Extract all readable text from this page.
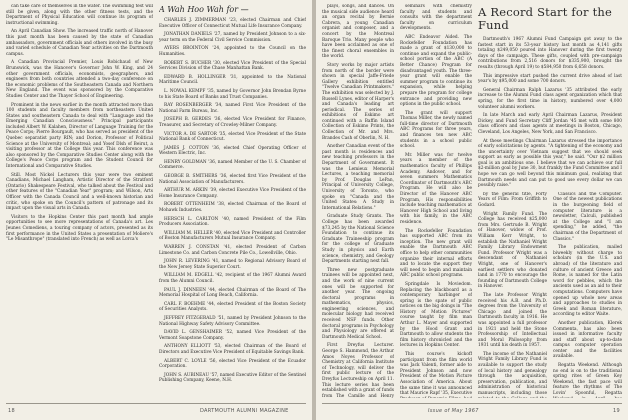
can take care of themselves in the water. The swimming test will still be given, along with the other fitness tests, and the Department of Physical Education will continue its program of instructional swimming.

An April Canadian Show. The increased traffic north of Hanover this past month has been caused by the state of Canadian ambassadors, government officials and others involved in the busy and varied schedule of Canadian Year activities on the Dartmouth campus.

A Canadian Provincial Premier, Louis Robichaud of New Brunswick, was the Hanover's Governor John W. King, and 24 other government officials, economists, geographers, and engineers from both countries attended a two-day conference on the economic problems of the Southeastern Canada and Northern New England. The event was sponsored by the Comparative Studies Center and the Thayer School of Engineering.

Prominent in the news earlier in the month attracted more than 100 students and faculty members from northeastern United States and southeastern Canada to deal with "Language and the Emerging Canadian Consciousness." Principal participants included Albert W. Kalahen, Director of Language Training for the Peace Corps; Pierre Bourgault, who has served as president of the Quebec separatist party RIN; and Dorion, Professor of Political Science at the University of Montreal; and Yosef Dlsh of Beirut, a visiting professor at the College this year. This conference was also sponsored by the Comparative Studies Center along with the College's Peace Corps program and the Student Council for International and Comparative Studies.

Still. Most Nickel Lecturers this year were two eminent Canadians, Michael Langham, Artistic Director of the Stratford (Ontario) Shakespeare Festival, who talked about the Festival and other features of the "Canadian Year" program; and Wilson, Arts Officer with the Canada Council and a well-known historian and critic, who spoke on the Council's pattern of patronage and its impact upon the visual arts in Canada.

Visitors to the Hopkins Center this past month had ample opportunities to see more representations of Canada's art. Les Jeunes Comediens, a touring company of actors, presented as its first performance in the United States a presentation of Moliere's "Le Misanthrope" (translated into French) as well as Lorca's

A Wah Hoo Wah for —

CHARLES J. ZIMMERMAN '23, elected Chairman and Chief Executive Officer of Connecticut Mutual Life Insurance Company.

JONATHAN DANIELS '27, named by President Johnson to a six-year term on the Federal Civil Service Commission.

AYERS BROINTON '24, appointed to the Council on the Humanities.

ROBERT S. BUCHER '30, elected Vice President of the Special Services Division of the Chase Manhattan Bank.

EDWARD B. HOLLINGER '31, appointed to the National Maritime Council.

L. NOWAL KEMPF '35, named by Governor John Brendan Byrne to his State Board of Banks and Trust Companies.

RAY ROSENBERGER '34, named First Vice President of the National Farm Bureau, Inc.

JOSEPH B. GERDES '36, elected Vice President for Finance, Treasurer, and Secretary of Crowley-Milner Company.

VICTOR A. DE SARTOR '35, elected Vice President of the State National Bank of Connecticut.

JAMES J. COTTON '36, elected Chief Operating Officer of Western Electric, Inc.

HENRY GOLDMAN '36, named Member of the U. S. Chamber of Commerce.

GEORGE B. SMITHERS '36, elected first Vice President of the National Association of Manufacturers.

ARTHUR M. ARKIN '39, elected Executive Vice President of the Home Insurance Company.

ROBERT OTTENHEIM '38, elected Chairman of the Board of Mohawk Industries.

HERSCH L. CARLTON '40, named President of the Film Producers Association.

WILLIAM M. HELLER '40, elected Vice President and Controller of Boston Manufacturers Mutual Insurance Company.

WARREN J. CONSTAN '41, elected President of Carbon Limestone Co. and Carbon Concrete Pile Co., Lowellville, Ohio.

JOHN R. LEVERING '41, named to Regional Advisory Board of the New Jersey State Superior Court.

WILLIAM M. EDGELL '42, recipient of the 1967 Alumni Award from the Alumni Council.

PAUL J. DINNEEN '44, elected Chairman of the Board of The Memorial Hospital of Long Beach, California.

CARL F. BOEHME '44, elected President of the Boston Society of Securities Analysts.

JEFFREY FITZGERALD '51, named by President Johnson to the National Highway Safety Advisory Committee.

DAVID L. GENSHAIMER '52, named Vice President of the Vermont Soapstone Company.

ANTHONY ELLIOTT '53, elected Chairman of the Board of Directors and Executive Vice President of Equitable Savings Bank.

ALBERT C. LOYLE '56, elected Vice President of the Ecuador Corporation.

JOHN S. AUBINEAU '57, named Executive Editor of the Sentinel Publishing Company, Keene, N.H.

18	DARTMOUTH ALUMNI MAGAZINE

plays, songs, and dances. On the musical side audience heard an organ recital by Bernie Cabrera, a young Canadian organist and composer, and a concert by the Montreal Baroque Trio. Many people who have been acclaimed as one of the finest choral ensembles in the world.

Story works by major artists from north of the border were shown in special Jaffe-Friede Gallery exhibition entitled "Twelve Canadian Printmakers." The exhibition was selected by J. Russell Lynes, editor of Harper's and Canada's leading art periodical. The series of exhibitions of Eskimo art continued with a Baffin Island Collection of Eskimo Prints, the Collection of Mr. and Mrs. Brandes Cash of Oberlin, N. H.

Another Canadian event of the past month is residences and new teaching professors in the Department of Government. It was the Lemieux Memorial Lectures, a teaching memorial by Prof. Douglas LePan, Principal of University College, University of Toronto, who spoke on "Canada and the United States: A Study in International Relations."

Graduate Study Grants. The College has been awarded $73,245 by the National Science Foundation to continue its Graduate Traineeship program for the college of Graduate Study in physics and Earth science, chemistry, and Geology Departments starting next fall.

Three new postgraduate trainees will be appointed next, and the work of nine current ones will be supported for another year. The ongoing doctoral programs in mathematics, physics, engineering sciences, and molecular biology had received received NSF funds. Other doctoral programs in Psychology and Physiology are offered at Dartmouth Medical School.

First Dreyfus Lecturer. George S. Hammond, the Arthur Amos Noyes Professor of Chemistry at California Institute of Technology, will deliver the first public lecture of the Dreyfus Lectureship on April 11. This lecture series has been established with a grant of funds from The Camille and Henry

seminars with chemistry faculty and students and consults with the department faculty on curriculum developments.

ABC Endeavor Aided. The Rockefeller Foundation has made a grant of $130,000 to continue and expand the public-school portion of the ABC (A Better Chance) Program for disadvantaged youth. The three-year grant will enable the summer program to continue its expansion, while helping prepare the program for college entrance and providing new options in the public school.

The grant will support Thomas Miller, the newly named full-time director of Dartmouth ABC Programs for three years, and finances ten new ABC students in a school public school.

Mr. Miller was for twelve years a member of the mathematics faculty of Phillips Academy, Andover, and for seven summers Mathematics Coordinator of Dartmouth's ABC Program. He will also be Director of the Hanover ABC Program, His responsibilities include teaching mathematics at Hanover High School and living with his family, in the ABC residence.

The Rockefeller Foundation has supported ABC from its inception. The new grant will enable the Dartmouth ABC office to help other communities organize their internal efforts and to locate the support they will need to begin and maintain ABC public school programs.

Springdale Is Moviedom. Replacing the blackboard as a contemporary harbinger of spring is the spate of public notices on the big doings in "The History of Motion Pictures" course taught by film man Arthur L. Mayer and supported by the Hood Grant and Dartmouth to allow students the film history chronicled and the lectures in Hopkins Center.

This course's kickoff participant from the film world was Jack Valenti, former aide to President Johnson and now President of the Motion Picture Association of America. About the same time it was announced that Maurice Rapf '35, Executive

A Record Start for the Fund

Dartmouth's 1967 Alumni Fund Campaign got away to the fastest start in its 53-year history last month as 4,141 gifts totaling $249,050 poured into Hanover during the first twenty days of the campaign. These gifts, coupled with pre-campaign contributions from 2,516 donors for $335,900, brought the results (through April 19) to $584,950 from 6,658 donors.

This impressive start pushed the current drive ahead of last year's by $95,000 and some 700 donors.

General Chairman Ralph Lazarus '35 attributed the early increase to the Alumni Fund class agent organization which that spring, for the first time in history, numbered over 4,000 volunteer alumni workers.

In late March and early April Chairman Lazarus, President Dickey, and Fund Secretary Cliff Jordan '45 met with some 800 class officers and class agents at meetings in Boston, Chicago, Cleveland, Los Angeles, New York, and San Francisco.

At these meetings Chairman Lazarus stressed the importance of early solicitations by agents. "A tightening of the economy and the uncertainty over Vietnam suggest that we should seek support as early as possible this year," he said. "Our $2 million goal is an ambitious one. I believe that we can achieve our full $2-million goal by June 30, but frankly the Fund Committee and I hope we can go well beyond this minimum goal, realizing that Dartmouth needs and can put to good use every dollar we can possibly raise."

by the general title, Forty Years of Film: From Griffith to Godard.

Wright Family Fund. The College has received $25,000 from Mrs. Gertrude B. Wright of Hanover, widow of Prof. William Kerr Wright, to establish the Nathaniel Wright Family Library Endowment Fund. Professor Wright was a descendant of Nathaniel Wright, one of Hanover's earliest settlers who donated land in 1770 to encourage the founding of Dartmouth College in Hanover.

The late Professor Wright received his A.B. and Ph.D. degrees from the University of Chicago and joined the Dartmouth faculty in 1916. He was appointed a full professor in 1921 and held the Stone Professorship of Intellectual and Moral Philosophy from 1931 until his death in 1957.

The income of the Nathaniel Wright Family Library Fund is available to support the study of local history and genealogy through the acquisition, preservation, publication, and administration of historical manuscripts, including those

Classics and the Computer. One of the newest publications in the burgeoning field of computer literature is a newsletter, Calculi, published at the College and "I am spending," he added, "the chairman of the Department of Classics."

The publication, mailed biweekly without charge to scholars (in the U.S. and abroad) of the literature and culture of ancient Greece and Rome, is named for the Latin word for pebbles, which the ancients used as an aid to their computations. Computers have opened up whole new areas and approaches to studies in Greek and Roman literature, according to editor Waite.

Another publication, Klerek Commenta, has also been issued in informative faculty and staff about up-to-date campus computer operation center and the facilities available.

Regatta Weekend. Although no end is on to the traditional spring rites of Green Key Weekend, the fast pace will feature the rhythms of The Lovin' Spoonful, Regatta

Issue of May 1967	19
